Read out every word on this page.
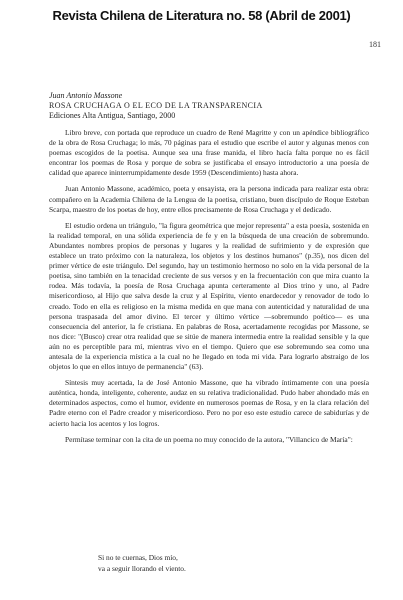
Revista Chilena de Literatura no. 58 (Abril de 2001)
181
Juan Antonio Massone
ROSA CRUCHAGA O EL ECO DE LA TRANSPARENCIA
Ediciones Alta Antigua, Santiago, 2000

Libro breve, con portada que reproduce un cuadro de René Magritte y con un apéndice bibliográfico de la obra de Rosa Cruchaga; lo más, 70 páginas para el estudio que escribe el autor y algunas menos con poemas escogidos de la poetisa. Aunque sea una frase manida, el libro hacía falta porque no es fácil encontrar los poemas de Rosa y porque de sobra se justificaba el ensayo introductorio a una poesía de calidad que aparece ininterrumpidamente desde 1959 (Descendimiento) hasta ahora.

Juan Antonio Massone, académico, poeta y ensayista, era la persona indicada para realizar esta obra: compañero en la Academia Chilena de la Lengua de la poetisa, cristiano, buen discípulo de Roque Esteban Scarpa, maestro de los poetas de hoy, entre ellos precisamente de Rosa Cruchaga y el dedicado.

El estudio ordena un triángulo, "la figura geométrica que mejor representa" a esta poesía, sostenida en la realidad temporal, en una sólida experiencia de fe y en la búsqueda de una creación de sobremundo. Abundantes nombres propios de personas y lugares y la realidad de sufrimiento y de expresión que establece un trato próximo con la naturaleza, los objetos y los destinos humanos" (p.35), nos dicen del primer vértice de este triángulo. Del segundo, hay un testimonio hermoso no solo en la vida personal de la poetisa, sino también en la tenacidad creciente de sus versos y en la frecuentación con que mira cuanto la rodea. Más todavía, la poesía de Rosa Cruchaga apunta certeramente al Dios trino y uno, al Padre misericordioso, al Hijo que salva desde la cruz y al Espíritu, viento enardecedor y renovador de todo lo creado. Todo en ella es religioso en la misma medida en que mana con autenticidad y naturalidad de una persona traspasada del amor divino. El tercer y último vértice —sobremundo poético— es una consecuencia del anterior, la fe cristiana. En palabras de Rosa, acertadamente recogidas por Massone, se nos dice: "(Busco) crear otra realidad que se sitúe de manera intermedia entre la realidad sensible y la que aún no es perceptible para mí, mientras vivo en el tiempo. Quiero que ese sobremundo sea como una antesala de la experiencia mística a la cual no he llegado en toda mi vida. Para lograrlo abstraigo de los objetos lo que en ellos intuyo de permanencia" (63).

Síntesis muy acertada, la de José Antonio Massone, que ha vibrado íntimamente con una poesía auténtica, honda, inteligente, coherente, audaz en su relativa tradicionalidad. Pudo haber ahondado más en determinados aspectos, como el humor, evidente en numerosos poemas de Rosa, y en la clara relación del Padre eterno con el Padre creador y misericordioso. Pero no por eso este estudio carece de sabidurías y de acierto hacia los acentos y los logros.

Permítase terminar con la cita de un poema no muy conocido de la autora, "Villancico de María":

Si no te cuernas, Dios mío,
va a seguir llorando el viento.
